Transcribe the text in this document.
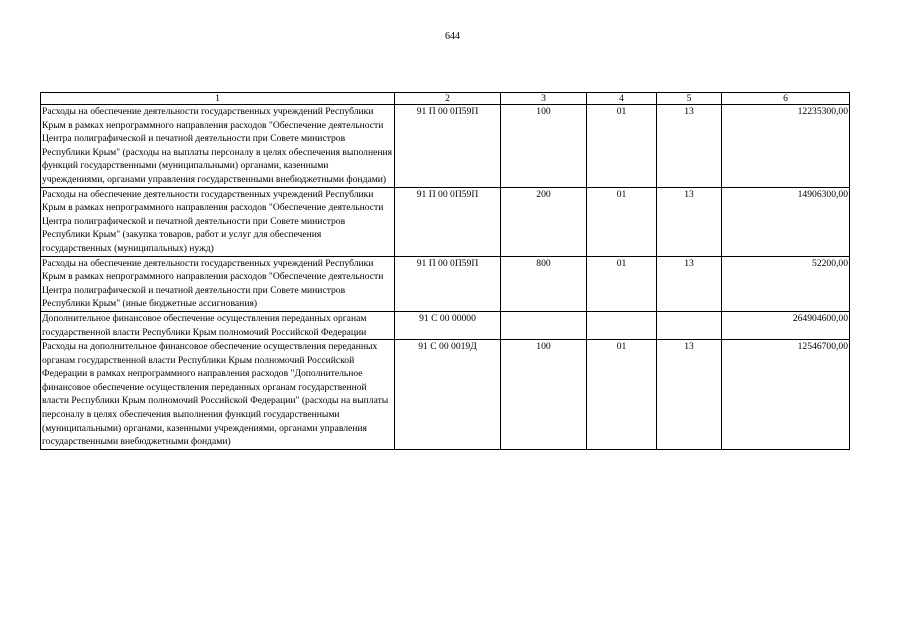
644
1	2	3	4	5	6
Расходы на обеспечение деятельности государственных учреждений Республики Крым в рамках непрограммного направления расходов "Обеспечение деятельности Центра полиграфической и печатной деятельности при Совете министров Республики Крым" (расходы на выплаты персоналу в целях обеспечения выполнения функций государственными (муниципальными) органами, казенными учреждениями, органами управления государственными внебюджетными фондами)	91 П 00 0П59П	100	01	13	12235300,00
Расходы на обеспечение деятельности государственных учреждений Республики Крым в рамках непрограммного направления расходов "Обеспечение деятельности Центра полиграфической и печатной деятельности при Совете министров Республики Крым" (закупка товаров, работ и услуг для обеспечения государственных (муниципальных) нужд)	91 П 00 0П59П	200	01	13	14906300,00
Расходы на обеспечение деятельности государственных учреждений Республики Крым в рамках непрограммного направления расходов "Обеспечение деятельности Центра полиграфической и печатной деятельности при Совете министров Республики Крым" (иные бюджетные ассигнования)	91 П 00 0П59П	800	01	13	52200,00
Дополнительное финансовое обеспечение осуществления переданных органам государственной власти Республики Крым полномочий Российской Федерации	91 С 00 00000				264904600,00
Расходы на дополнительное финансовое обеспечение осуществления переданных органам государственной власти Республики Крым полномочий Российской Федерации в рамках непрограммного направления расходов "Дополнительное финансовое обеспечение осуществления переданных органам государственной власти Республики Крым полномочий Российской Федерации" (расходы на выплаты персоналу в целях обеспечения выполнения функций государственными (муниципальными) органами, казенными учреждениями, органами управления государственными внебюджетными фондами)	91 С 00 0019Д	100	01	13	12546700,00
